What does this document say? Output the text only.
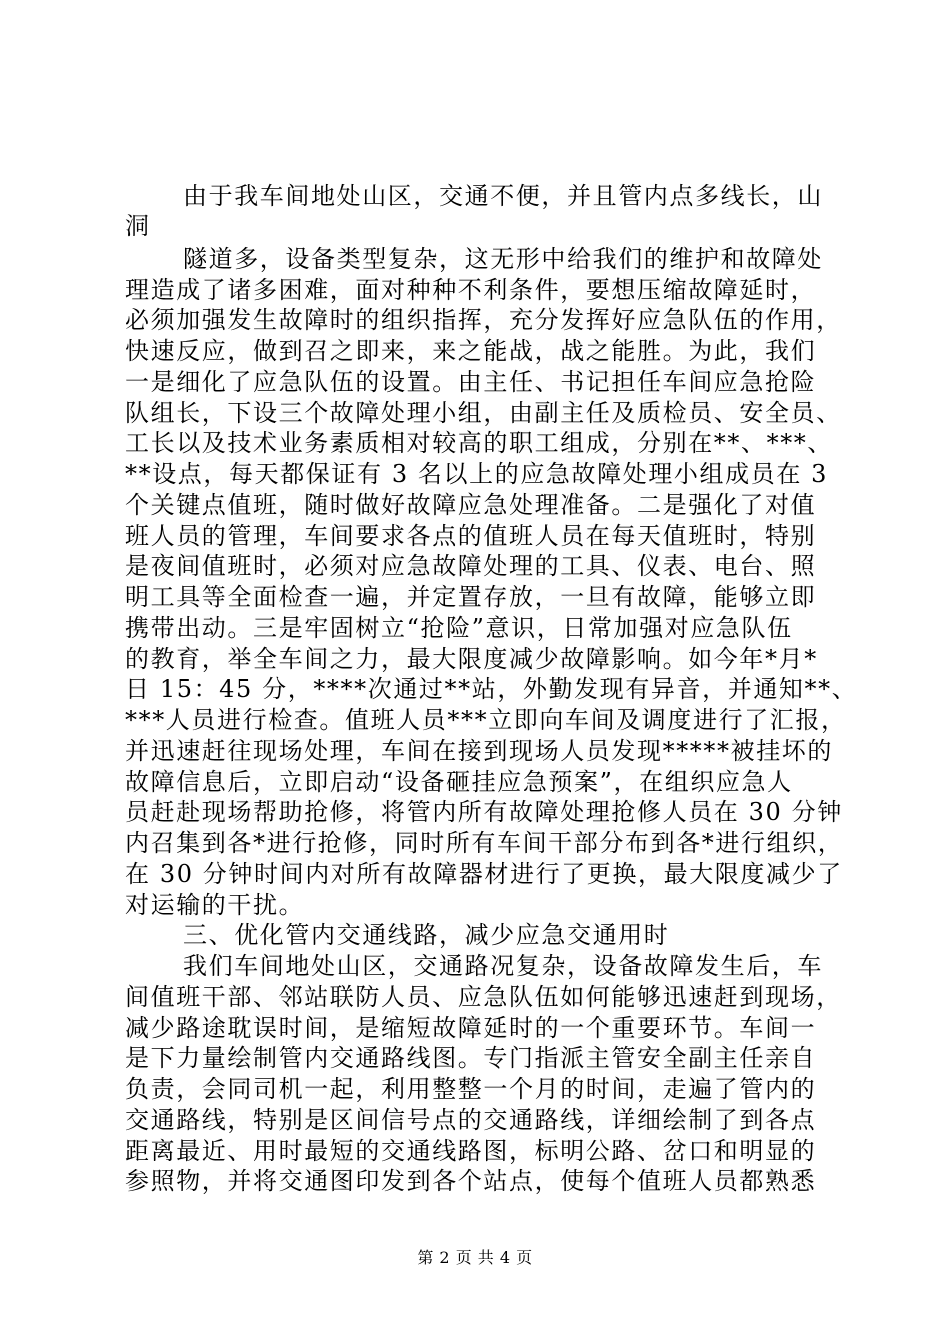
由于我车间地处山区，交通不便，并且管内点多线长，山
洞
隧道多，设备类型复杂，这无形中给我们的维护和故障处
理造成了诸多困难，面对种种不利条件，要想压缩故障延时，
必须加强发生故障时的组织指挥，充分发挥好应急队伍的作用，
快速反应，做到召之即来，来之能战，战之能胜。为此，我们
一是细化了应急队伍的设置。由主任、书记担任车间应急抢险
队组长，下设三个故障处理小组，由副主任及质检员、安全员、
工长以及技术业务素质相对较高的职工组成，分别在**、***、
**设点，每天都保证有 3 名以上的应急故障处理小组成员在 3
个关键点值班，随时做好故障应急处理准备。二是强化了对值
班人员的管理，车间要求各点的值班人员在每天值班时，特别
是夜间值班时，必须对应急故障处理的工具、仪表、电台、照
明工具等全面检查一遍，并定置存放，一旦有故障，能够立即
携带出动。三是牢固树立“抢险”意识，日常加强对应急队伍
的教育，举全车间之力，最大限度减少故障影响。如今年*月*
日 15：45 分，****次通过**站，外勤发现有异音，并通知**、
***人员进行检查。值班人员***立即向车间及调度进行了汇报，
并迅速赶往现场处理，车间在接到现场人员发现*****被挂坏的
故障信息后，立即启动“设备砸挂应急预案”，在组织应急人
员赶赴现场帮助抢修，将管内所有故障处理抢修人员在 30 分钟
内召集到各*进行抢修，同时所有车间干部分布到各*进行组织，
在 30 分钟时间内对所有故障器材进行了更换，最大限度减少了
对运输的干扰。
三、优化管内交通线路，减少应急交通用时
我们车间地处山区，交通路况复杂，设备故障发生后，车
间值班干部、邻站联防人员、应急队伍如何能够迅速赶到现场，
减少路途耽误时间，是缩短故障延时的一个重要环节。车间一
是下力量绘制管内交通路线图。专门指派主管安全副主任亲自
负责，会同司机一起，利用整整一个月的时间，走遍了管内的
交通路线，特别是区间信号点的交通路线，详细绘制了到各点
距离最近、用时最短的交通线路图，标明公路、岔口和明显的
参照物，并将交通图印发到各个站点，使每个值班人员都熟悉
第 2 页 共 4 页
